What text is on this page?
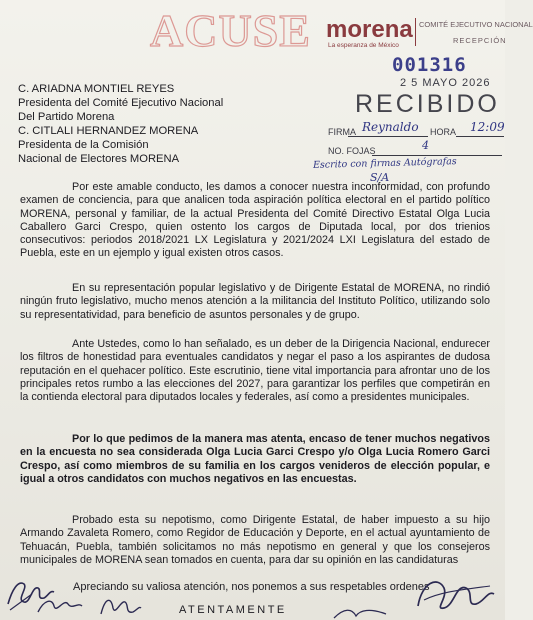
ACUSE morena
La esperanza de México
COMITÉ EJECUTIVO NACIONAL
RECEPCIÓN
001316
2 5 MAYO 2026
RECIBIDO
FIRMA Reynaldo HORA 12:09
NO. FOJAS	4
Escrito con firmas Autógrafas
S/A
C. ARIADNA MONTIEL REYES
Presidenta del Comité Ejecutivo Nacional
Del Partido Morena
C. CITLALI HERNANDEZ MORENA
Presidenta de la Comisión
Nacional de Electores MORENA

Por este amable conducto, les damos a conocer nuestra inconformidad, con profundo examen de conciencia, para que analicen toda aspiración política electoral en el partido político MORENA, personal y familiar, de la actual Presidenta del Comité Directivo Estatal Olga Lucia Caballero Garci Crespo, quien ostento los cargos de Diputada local, por dos trienios consecutivos: periodos 2018/2021 LX Legislatura y 2021/2024 LXI Legislatura del estado de Puebla, este en un ejemplo y igual existen otros casos.

En su representación popular legislativo y de Dirigente Estatal de MORENA, no rindió ningún fruto legislativo, mucho menos atención a la militancia del Instituto Político, utilizando solo su representatividad, para beneficio de asuntos personales y de grupo.

Ante Ustedes, como lo han señalado, es un deber de la Dirigencia Nacional, endurecer los filtros de honestidad para eventuales candidatos y negar el paso a los aspirantes de dudosa reputación en el quehacer político. Este escrutinio, tiene vital importancia para afrontar uno de los principales retos rumbo a las elecciones del 2027, para garantizar los perfiles que competirán en la contienda electoral para diputados locales y federales, así como a presidentes municipales.

Por lo que pedimos de la manera mas atenta, encaso de tener muchos negativos en la encuesta no sea considerada Olga Lucia Garci Crespo y/o Olga Lucia Romero Garci Crespo, así como miembros de su familia en los cargos venideros de elección popular, e igual a otros candidatos con muchos negativos en las encuestas.

Probado esta su nepotismo, como Dirigente Estatal, de haber impuesto a su hijo Armando Zavaleta Romero, como Regidor de Educación y Deporte, en el actual ayuntamiento de Tehuacán, Puebla, también solicitamos no más nepotismo en general y que los consejeros municipales de MORENA sean tomados en cuenta, para dar su opinión en las candidaturas

Apreciando su valiosa atención, nos ponemos a sus respetables ordenes
ATENTAMENTE
